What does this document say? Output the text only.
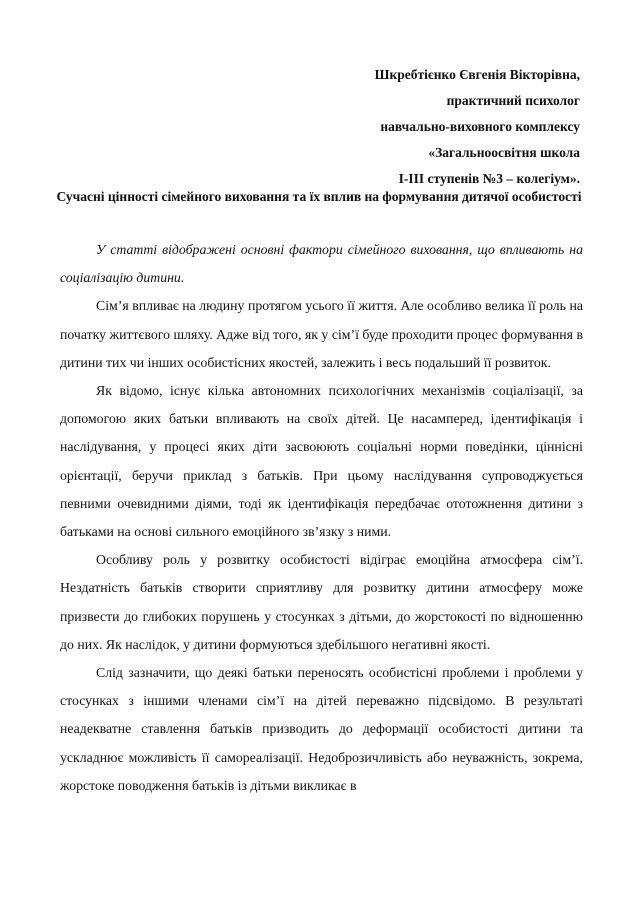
Шкребтієнко Євгенія Вікторівна,
практичний психолог
навчально-виховного комплексу
«Загальноосвітня школа
І-ІІІ ступенів №3 – колегіум».
Сучасні цінності сімейного виховання та їх вплив на формування дитячої особистості

У статті відображені основні фактори сімейного виховання, що впливають на соціалізацію дитини.

Сім’я впливає на людину протягом усього її життя. Але особливо велика її роль на початку життєвого шляху. Адже від того, як у сім’ї буде проходити процес формування в дитини тих чи інших особистісних якостей, залежить і весь подальший її розвиток.

Як відомо, існує кілька автономних психологічних механізмів соціалізації, за допомогою яких батьки впливають на своїх дітей. Це насамперед, ідентифікація і наслідування, у процесі яких діти засвоюють соціальні норми поведінки, ціннісні орієнтації, беручи приклад з батьків. При цьому наслідування супроводжується певними очевидними діями, тоді як ідентифікація передбачає ототожнення дитини з батьками на основі сильного емоційного зв’язку з ними.

Особливу роль у розвитку особистості відіграє емоційна атмосфера сім’ї. Нездатність батьків створити сприятливу для розвитку дитини атмосферу може призвести до глибоких порушень у стосунках з дітьми, до жорстокості по відношенню до них. Як наслідок, у дитини формуються здебільшого негативні якості.

Слід зазначити, що деякі батьки переносять особистісні проблеми і проблеми у стосунках з іншими членами сім’ї на дітей переважно підсвідомо. В результаті неадекватне ставлення батьків призводить до деформації особистості дитини та ускладнює можливість її самореалізації. Недоброзичливість або неуважність, зокрема, жорстоке поводження батьків із дітьми викликає в
